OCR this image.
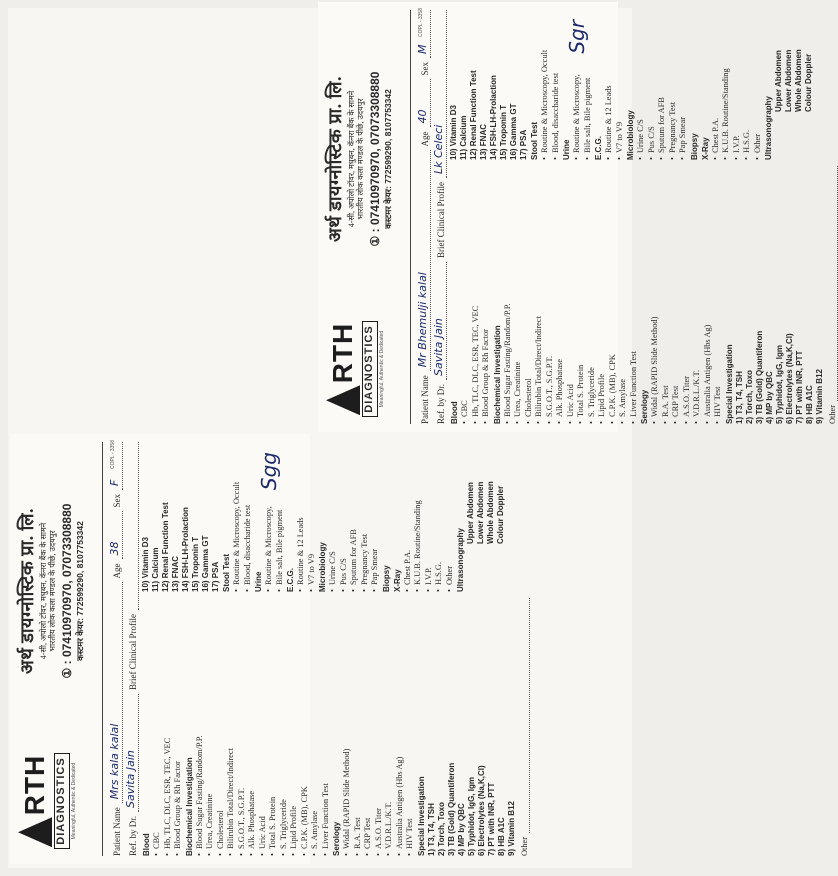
RTH DIAGNOSTICS Meaningful, Authentic & Dedicated
अर्थ डायग्नोस्टिक प्रा. लि. 4-सी, अपोलो टॉवर, मधुबन, कॅनरा बैंक के सामने भारतीय लोक कला मण्डल के पीछे, उदयपुर
① : 07410970970, 07073308880 कस्टमर केयर: 772599290, 8107753342
Patient Name
Mrs kala kalal
Age
38
Sex
F
Ref. by Dr.
Savita Jain
Brief Clinical Profile
Blood • CBC • Hb, TLC, DLC, ESR, TEC, VEC • Blood Group & Rh Factor Biochemical Investigation • Blood Sugar Fasting/Random/P.P. • Urea, Creatinine • Cholesterol • Bilirubin Total/Direct/Indirect • S.G.O.T., S.G.P.T. • Alk. Phosphatase • Uric Acid • Total S. Protein • S. Triglyceride • Lipid Profile • C.P.K. (MB), CPK • S. Amylase • Liver Function Test Serology • Widal (RAPID Slide Method) • R.A. Test • CRP Test • A.S.O. Titer • V.D.R.L./K.T. • Australia Antigen (Hbs Ag) • HIV Test Special Investigation 1) T3, T4, TSH 2) Torch, Toxo 3) TB (Gold) Quantiferon 4) MP by QBC 5) Typhidot, IgG, Igm 6) Electrolytes (Na,K,Cl) 7) PT with INR, PTT 8) HB A1C 9) Vitamin B12 Other
10) Vitamin D3 11) Calcium 12) Renal Function Test 13) FNAC 14) FSH-LH-Prolaction 15) Troponin T 16) Gamma GT 17) PSA Stool Test • Routine & Microscopy, Occult • Blood, disaccharide test Urine • Routine & Microscopy, • Bile salt, Bile pigment E.C.G. • Routine & 12 Leads • V7 to V9 Microbiology • Urine C/S • Pus C/S • Sputum for AFB • Pregnancy Test • Pap Smear Biopsy X-Ray • Chest P.A. • K.U.B. Routine/Standing • I.V.P. • H.S.G. • Other Ultrasonography
Upper Abdomen Lower Abdomen Whole Abdomen Colour Doppler
COPL - 3358	Sgg
RTH DIAGNOSTICS Meaningful, Authentic & Dedicated
अर्थ डायग्नोस्टिक प्रा. लि. 4-सी, अपोलो टॉवर, मधुबन, कॅनरा बैंक के सामने भारतीय लोक कला मण्डल के पीछे, उदयपुर
① : 07410970970, 07073308880 कस्टमर केयर: 772599290, 8107753342
Patient Name
Mr Bhemulji kalal
Age
40
Sex
M
Ref. by Dr.
Savita Jain
Brief Clinical Profile
Lk Celeci
Blood • CBC • Hb, TLC, DLC, ESR, TEC, VEC • Blood Group & Rh Factor Biochemical Investigation • Blood Sugar Fasting/Random/P.P. • Urea, Creatinine • Cholesterol • Bilirubin Total/Direct/Indirect • S.G.O.T., S.G.P.T. • Alk. Phosphatase • Uric Acid • Total S. Protein • S. Triglyceride • Lipid Profile • C.P.K. (MB), CPK • S. Amylase • Liver Function Test Serology • Widal (RAPID Slide Method) • R.A. Test • CRP Test • A.S.O. Titer • V.D.R.L./K.T. • Australia Antigen (Hbs Ag) • HIV Test Special Investigation 1) T3, T4, TSH 2) Torch, Toxo 3) TB (Gold) Quantiferon 4) MP by QBC 5) Typhidot, IgG, Igm 6) Electrolytes (Na,K,Cl) 7) PT with INR, PTT 8) HB A1C 9) Vitamin B12 Other
10) Vitamin D3 11) Calcium 12) Renal Function Test 13) FNAC 14) FSH-LH-Prolaction 15) Troponin T 16) Gamma GT 17) PSA Stool Test • Routine & Microscopy, Occult • Blood, disaccharide test Urine • Routine & Microscopy, • Bile salt, Bile pigment E.C.G. • Routine & 12 Leads • V7 to V9 Microbiology • Urine C/S • Pus C/S • Sputum for AFB • Pregnancy Test • Pap Smear Biopsy X-Ray • Chest P.A. • K.U.B. Routine/Standing • I.V.P. • H.S.G. • Other Ultrasonography
Upper Abdomen Lower Abdomen Whole Abdomen Colour Doppler
COPL - 3358	Sgr
